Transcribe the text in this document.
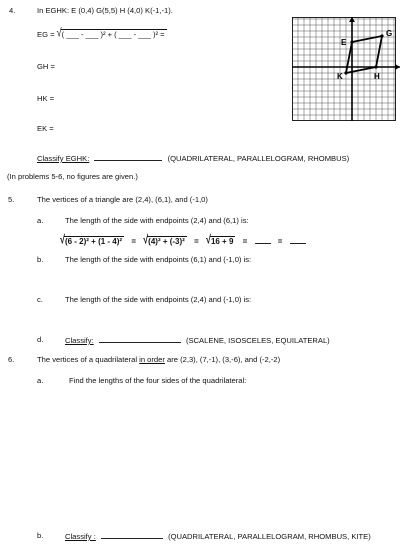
4.	In EGHK: E (0,4) G(5,5) H (4,0) K(-1,-1).
EG = √( ___ - ___ )² + ( ___ - ___ )² =
GH =
HK =
EK =
Classify EGHK:	(QUADRILATERAL, PARALLELOGRAM, RHOMBUS)
E
G
H
K
(In problems 5-6, no figures are given.)
5.	The vertices of a triangle are (2,4), (6,1), and (-1,0)
a.	The length of the side with endpoints (2,4) and (6,1) is:
√(6 - 2)² + (1 - 4)² = √(4)² + (-3)² = √16 + 9 =	=
b.	The length of the side with endpoints (6,1) and (-1,0) is:
c.	The length of the side with endpoints (2,4) and (-1,0) is:
d.	Classify:	(SCALENE, ISOSCELES, EQUILATERAL)
6.	The vertices of a quadrilateral in order are (2,3), (7,-1), (3,-6), and (-2,-2)
a.	Find the lengths of the four sides of the quadrilateral:
b.	Classify :	(QUADRILATERAL, PARALLELOGRAM, RHOMBUS, KITE)
